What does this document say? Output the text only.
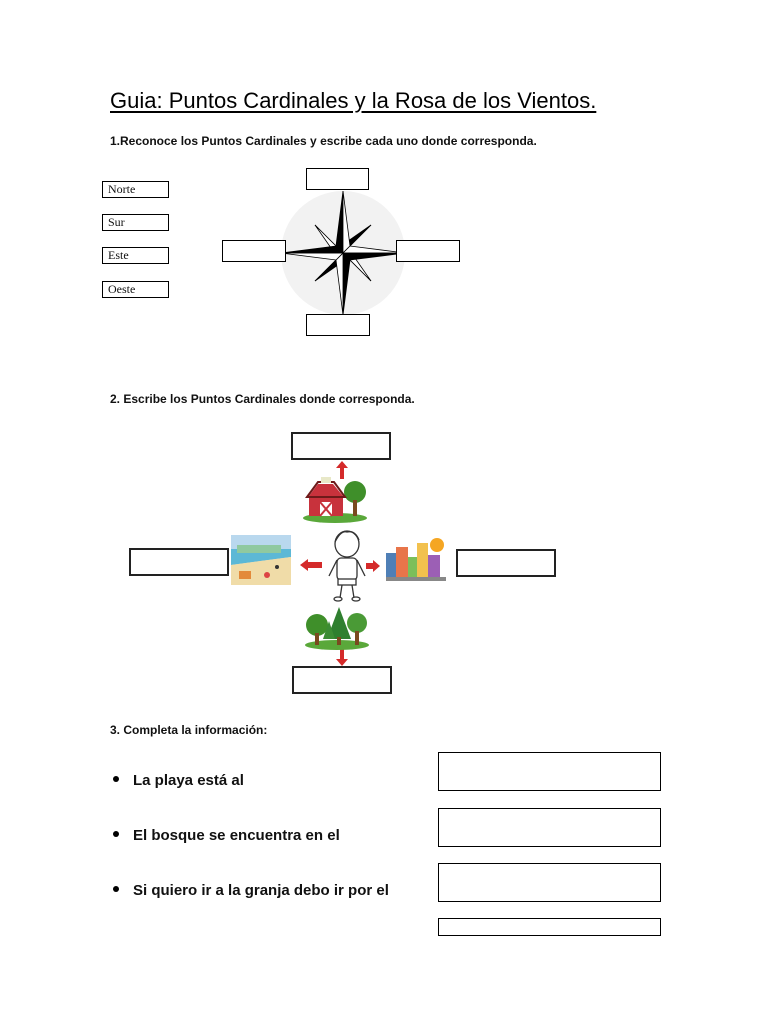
Guia: Puntos Cardinales y la Rosa de los Vientos.
1.Reconoce los Puntos Cardinales y escribe cada uno donde corresponda.
Norte
Sur
Este
Oeste
2. Escribe los Puntos Cardinales donde corresponda.
3. Completa la información:
La playa está al
El bosque se encuentra en el
Si quiero ir a la granja debo ir por el
